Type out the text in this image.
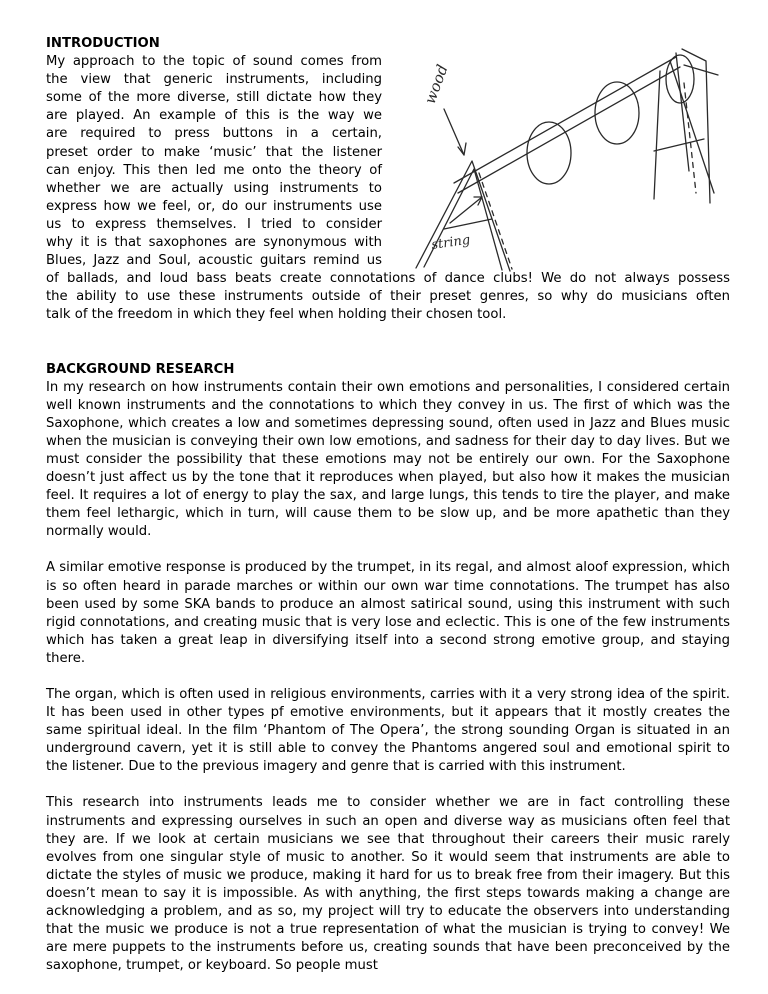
INTRODUCTION
My approach to the topic of sound comes from
the view that generic instruments, including
some of the more diverse, still dictate how they
are played. An example of this is the way we
are required to press buttons in a certain,
preset order to make ‘music’ that the listener
can enjoy. This then led me onto the theory of
whether we are actually using instruments to
express how we feel, or, do our instruments use
us to express themselves. I tried to consider
why it is that saxophones are synonymous with
Blues, Jazz and Soul, acoustic guitars remind us
of ballads, and loud bass beats create connotations of dance clubs! We do not always possess
the ability to use these instruments outside of their preset genres, so why do musicians often
talk of the freedom in which they feel when holding their chosen tool.
wood
string
BACKGROUND RESEARCH

In my research on how instruments contain their own emotions and personalities, I considered certain well known instruments and the connotations to which they convey in us. The first of which was the Saxophone, which creates a low and sometimes depressing sound, often used in Jazz and Blues music when the musician is conveying their own low emotions, and sadness for their day to day lives. But we must consider the possibility that these emotions may not be entirely our own. For the Saxophone doesn’t just affect us by the tone that it reproduces when played, but also how it makes the musician feel. It requires a lot of energy to play the sax, and large lungs, this tends to tire the player, and make them feel lethargic, which in turn, will cause them to be slow up, and be more apathetic than they normally would.

A similar emotive response is produced by the trumpet, in its regal, and almost aloof expression, which is so often heard in parade marches or within our own war time connotations. The trumpet has also been used by some SKA bands to produce an almost satirical sound, using this instrument with such rigid connotations, and creating music that is very lose and eclectic. This is one of the few instruments which has taken a great leap in diversifying itself into a second strong emotive group, and staying there.

The organ, which is often used in religious environments, carries with it a very strong idea of the spirit. It has been used in other types pf emotive environments, but it appears that it mostly creates the same spiritual ideal. In the film ‘Phantom of The Opera’, the strong sounding Organ is situated in an underground cavern, yet it is still able to convey the Phantoms angered soul and emotional spirit to the listener. Due to the previous imagery and genre that is carried with this instrument.

This research into instruments leads me to consider whether we are in fact controlling these instruments and expressing ourselves in such an open and diverse way as musicians often feel that they are. If we look at certain musicians we see that throughout their careers their music rarely evolves from one singular style of music to another. So it would seem that instruments are able to dictate the styles of music we produce, making it hard for us to break free from their imagery. But this doesn’t mean to say it is impossible. As with anything, the first steps towards making a change are acknowledging a problem, and as so, my project will try to educate the observers into understanding that the music we produce is not a true representation of what the musician is trying to convey! We are mere puppets to the instruments before us, creating sounds that have been preconceived by the saxophone, trumpet, or keyboard. So people must
